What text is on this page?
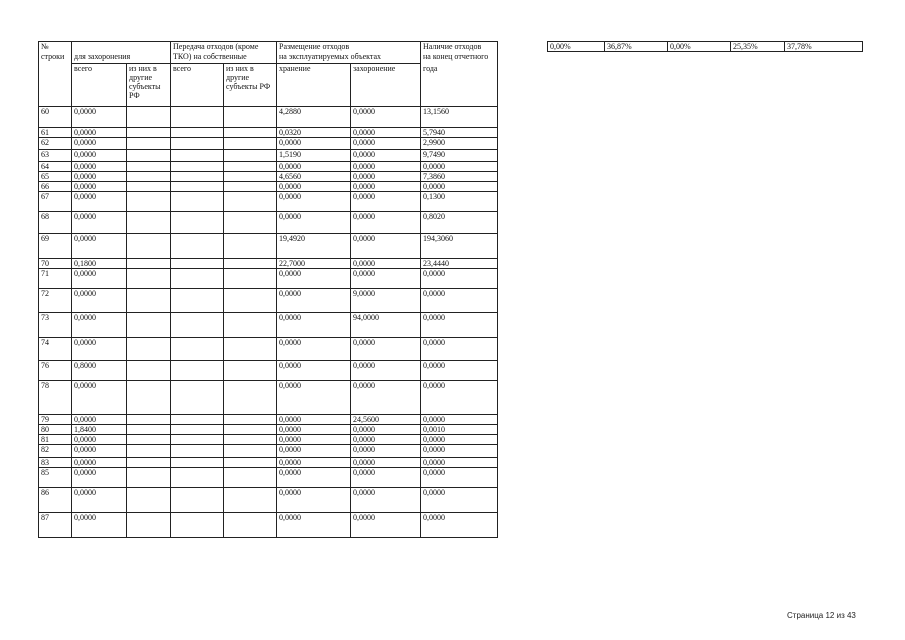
№			Передача отходов (кроме		Размещение отходов		Наличие отходов
строки	для захоронения		ТКО) на собственные		на эксплуатируемых объектах		на конец отчетного
	всего	из них в другие субъекты РФ	всего	из них в другие субъекты РФ	хранение	захоронение	года
60	0,0000				4,2880	0,0000	13,1560
61	0,0000				0,0320	0,0000	5,7940
62	0,0000				0,0000	0,0000	2,9900
63	0,0000				1,5190	0,0000	9,7490
64	0,0000				0,0000	0,0000	0,0000
65	0,0000				4,6560	0,0000	7,3860
66	0,0000				0,0000	0,0000	0,0000
67	0,0000				0,0000	0,0000	0,1300
68	0,0000				0,0000	0,0000	0,8020
69	0,0000				19,4920	0,0000	194,3060
70	0,1800				22,7000	0,0000	23,4440
71	0,0000				0,0000	0,0000	0,0000
72	0,0000				0,0000	9,0000	0,0000
73	0,0000				0,0000	94,0000	0,0000
74	0,0000				0,0000	0,0000	0,0000
76	0,8000				0,0000	0,0000	0,0000
78	0,0000				0,0000	0,0000	0,0000
79	0,0000				0,0000	24,5600	0,0000
80	1,8400				0,0000	0,0000	0,0010
81	0,0000				0,0000	0,0000	0,0000
82	0,0000				0,0000	0,0000	0,0000
83	0,0000				0,0000	0,0000	0,0000
85	0,0000				0,0000	0,0000	0,0000
86	0,0000				0,0000	0,0000	0,0000
87	0,0000				0,0000	0,0000	0,0000
0,00%	36,87%	0,00%	25,35%	37,78%
Страница 12 из 43
